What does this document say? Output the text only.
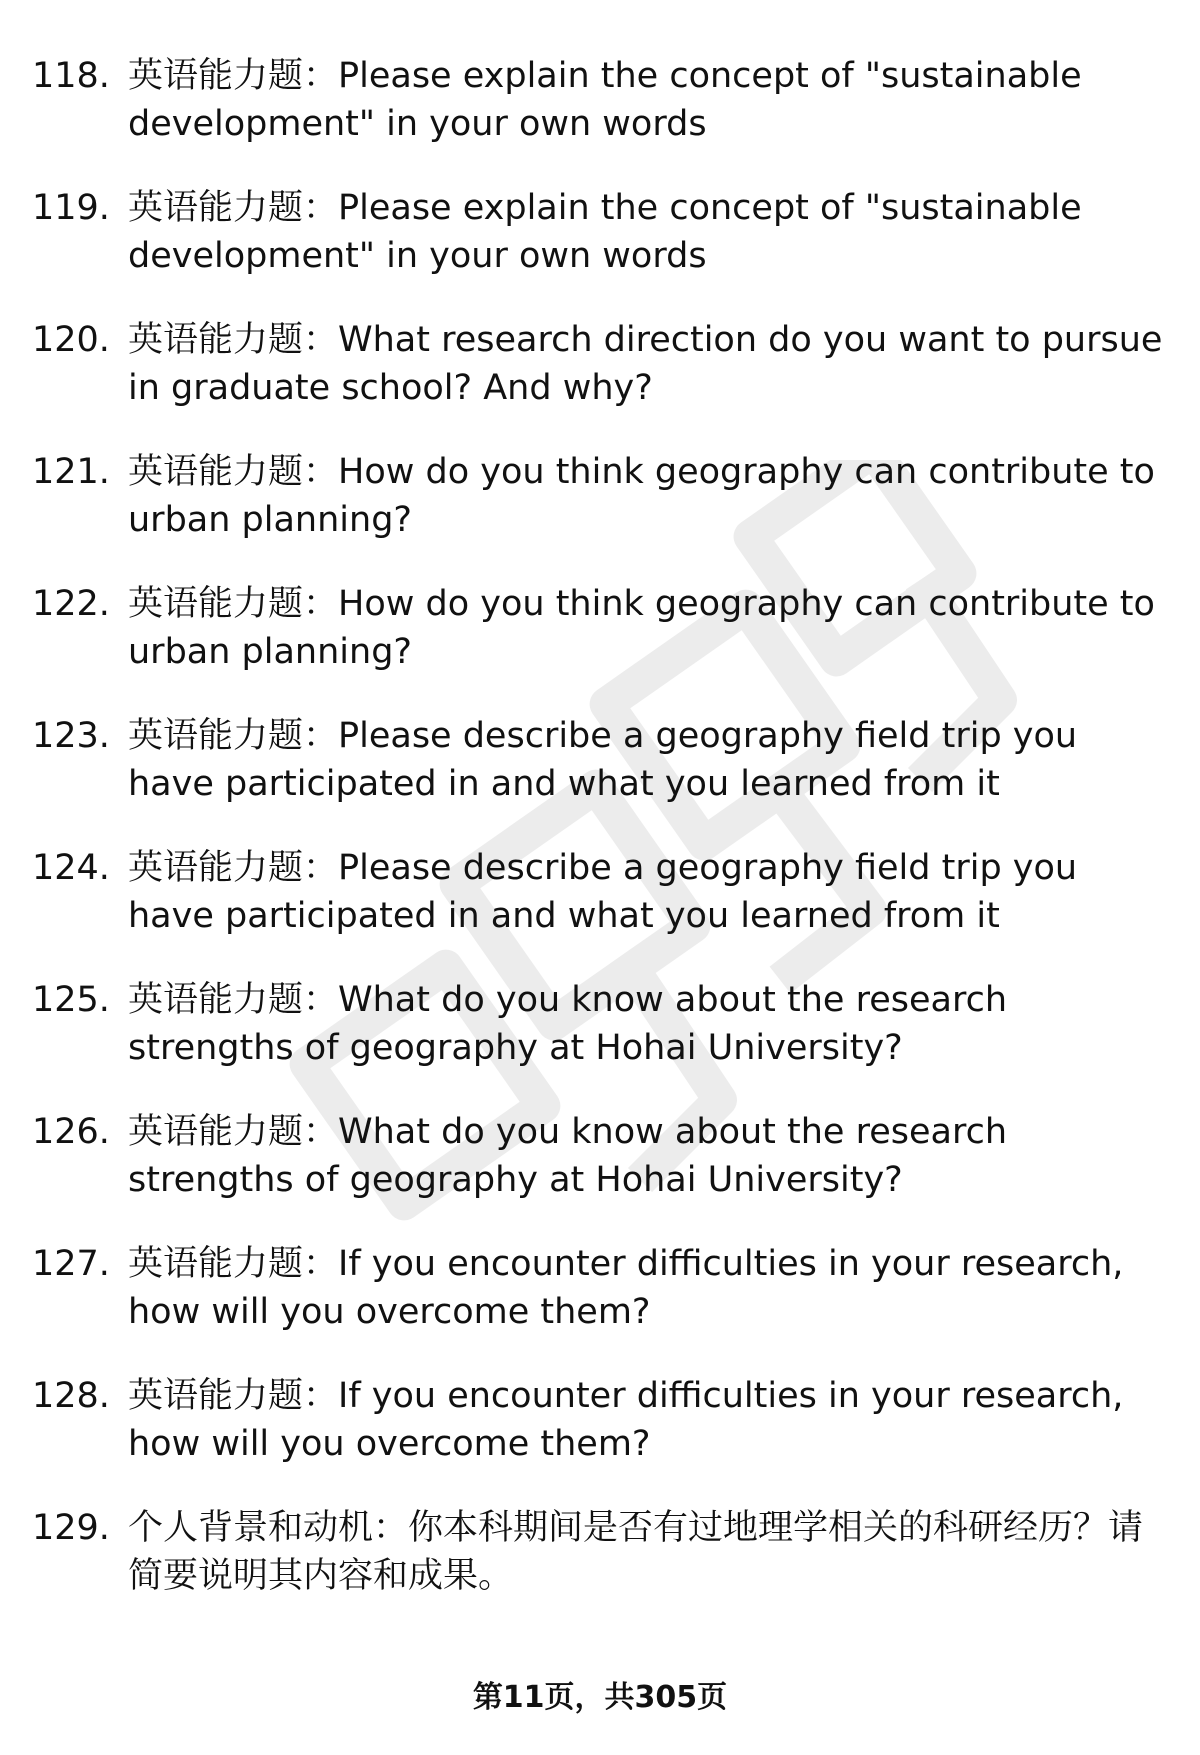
118. 英语能力题：Please explain the concept of "sustainable development" in your own words
119. 英语能力题：Please explain the concept of "sustainable development" in your own words
120. 英语能力题：What research direction do you want to pursue in graduate school? And why?
121. 英语能力题：How do you think geography can contribute to urban planning?
122. 英语能力题：How do you think geography can contribute to urban planning?
123. 英语能力题：Please describe a geography field trip you have participated in and what you learned from it
124. 英语能力题：Please describe a geography field trip you have participated in and what you learned from it
125. 英语能力题：What do you know about the research strengths of geography at Hohai University?
126. 英语能力题：What do you know about the research strengths of geography at Hohai University?
127. 英语能力题：If you encounter difficulties in your research, how will you overcome them?
128. 英语能力题：If you encounter difficulties in your research, how will you overcome them?
129. 个人背景和动机：你本科期间是否有过地理学相关的科研经历？请简要说明其内容和成果。
第11页，共305页
